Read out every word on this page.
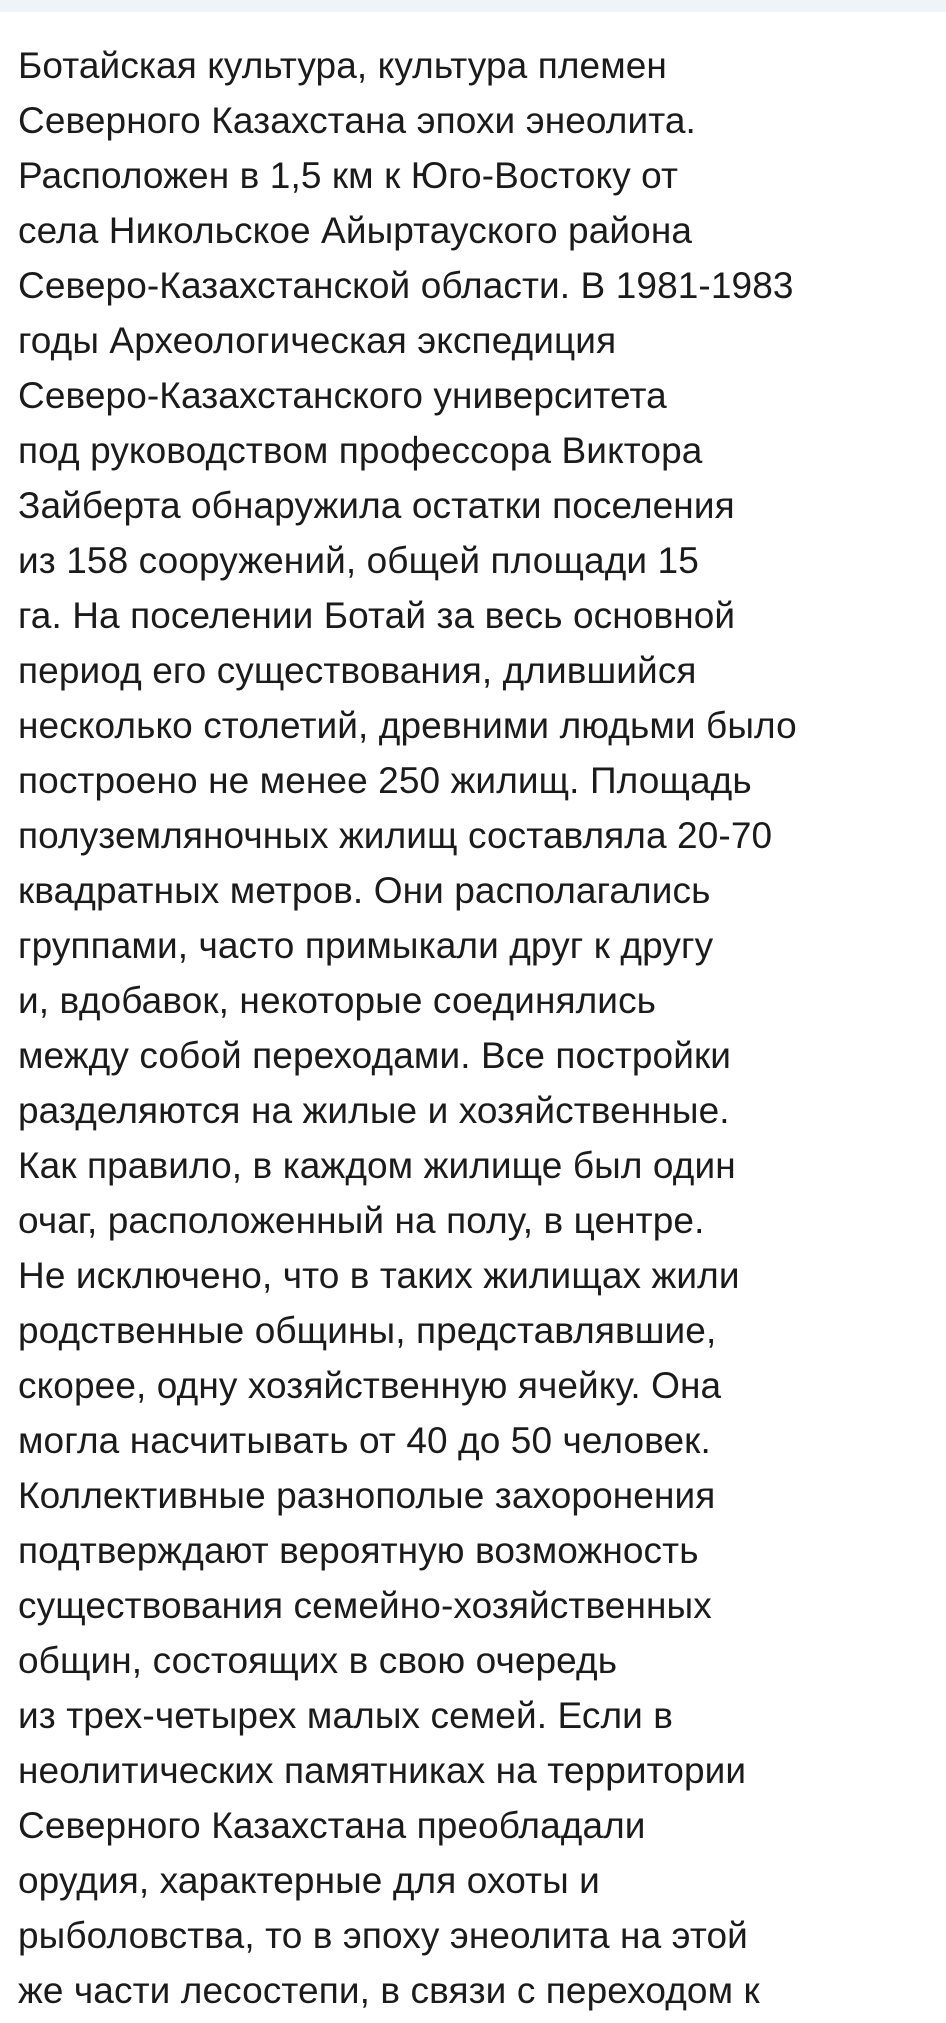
Ботайская культура, культура племен
Северного Казахстана эпохи энеолита.
Расположен в 1,5 км к Юго-Востоку от
села Никольское Айыртауского района
Северо-Казахстанской области. В 1981-1983
годы Археологическая экспедиция
Северо-Казахстанского университета
под руководством профессора Виктора
Зайберта обнаружила остатки поселения
из 158 сооружений, общей площади 15
га. На поселении Ботай за весь основной
период его существования, длившийся
несколько столетий, древними людьми было
построено не менее 250 жилищ. Площадь
полуземляночных жилищ составляла 20-70
квадратных метров. Они располагались
группами, часто примыкали друг к другу
и, вдобавок, некоторые соединялись
между собой переходами. Все постройки
разделяются на жилые и хозяйственные.
Как правило, в каждом жилище был один
очаг, расположенный на полу, в центре.
Не исключено, что в таких жилищах жили
родственные общины, представлявшие,
скорее, одну хозяйственную ячейку. Она
могла насчитывать от 40 до 50 человек.
Коллективные разнополые захоронения
подтверждают вероятную возможность
существования семейно-хозяйственных
общин, состоящих в свою очередь
из трех-четырех малых семей. Если в
неолитических памятниках на территории
Северного Казахстана преобладали
орудия, характерные для охоты и
рыболовства, то в эпоху энеолита на этой
же части лесостепи, в связи с переходом к
